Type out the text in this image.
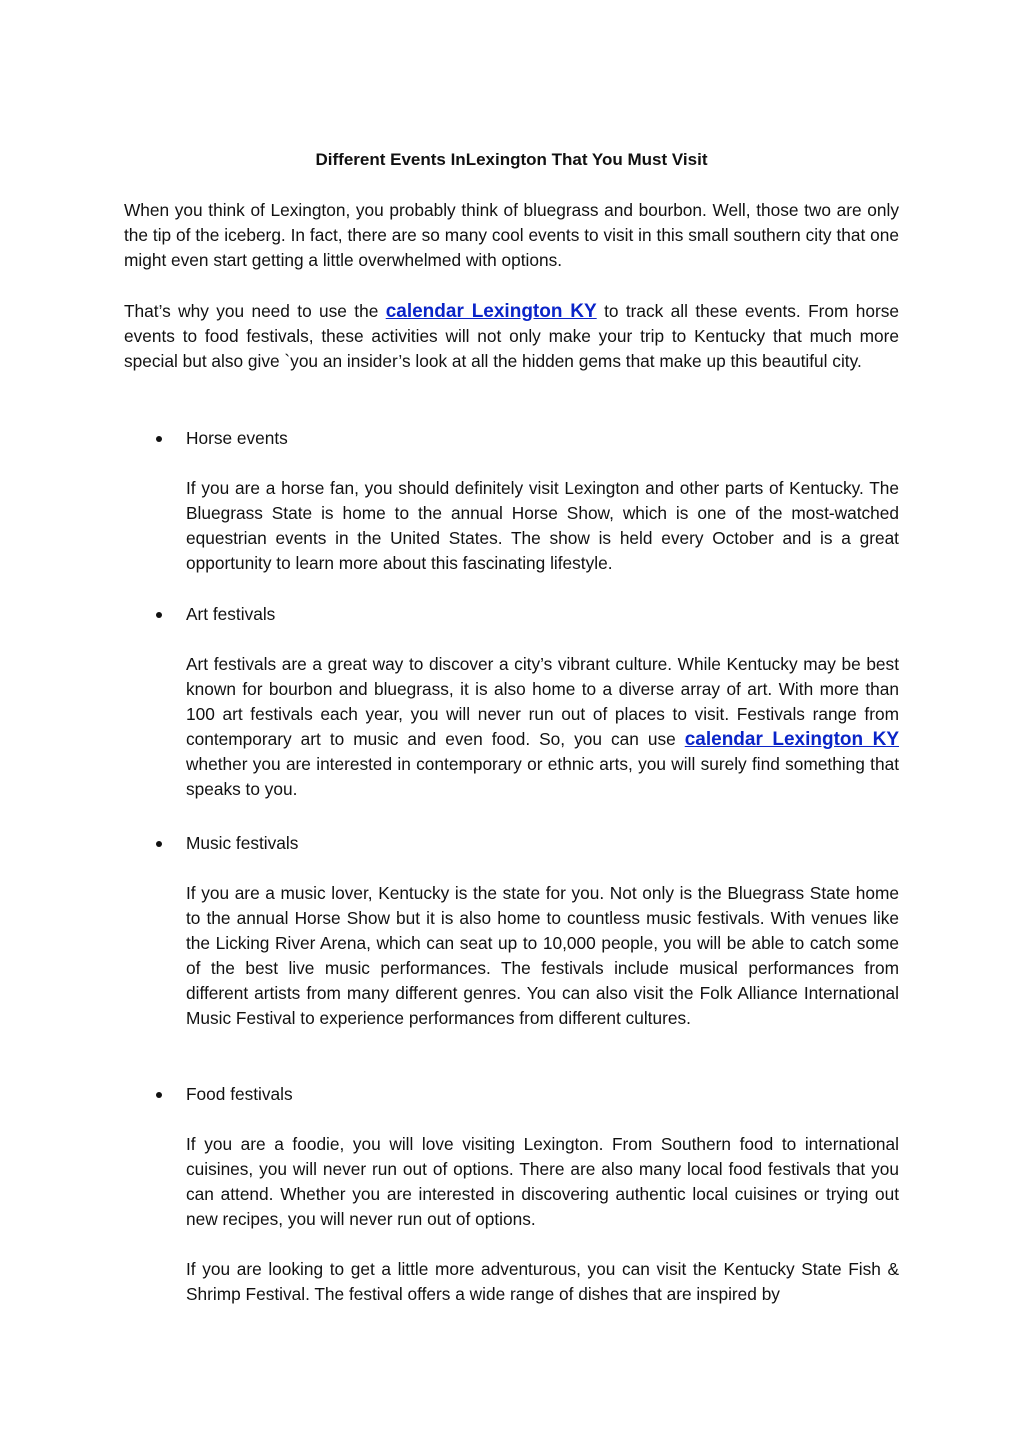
Different Events InLexington That You Must Visit

When you think of Lexington, you probably think of bluegrass and bourbon. Well, those two are only the tip of the iceberg. In fact, there are so many cool events to visit in this small southern city that one might even start getting a little overwhelmed with options.

That’s why you need to use the calendar Lexington KY to track all these events. From horse events to food festivals, these activities will not only make your trip to Kentucky that much more special but also give `you an insider’s look at all the hidden gems that make up this beautiful city.

Horse events

If you are a horse fan, you should definitely visit Lexington and other parts of Kentucky. The Bluegrass State is home to the annual Horse Show, which is one of the most-watched equestrian events in the United States. The show is held every October and is a great opportunity to learn more about this fascinating lifestyle.

Art festivals

Art festivals are a great way to discover a city’s vibrant culture. While Kentucky may be best known for bourbon and bluegrass, it is also home to a diverse array of art. With more than 100 art festivals each year, you will never run out of places to visit. Festivals range from contemporary art to music and even food. So, you can use calendar Lexington KY whether you are interested in contemporary or ethnic arts, you will surely find something that speaks to you.

Music festivals

If you are a music lover, Kentucky is the state for you. Not only is the Bluegrass State home to the annual Horse Show but it is also home to countless music festivals. With venues like the Licking River Arena, which can seat up to 10,000 people, you will be able to catch some of the best live music performances. The festivals include musical performances from different artists from many different genres. You can also visit the Folk Alliance International Music Festival to experience performances from different cultures.

Food festivals

If you are a foodie, you will love visiting Lexington. From Southern food to international cuisines, you will never run out of options. There are also many local food festivals that you can attend. Whether you are interested in discovering authentic local cuisines or trying out new recipes, you will never run out of options.

If you are looking to get a little more adventurous, you can visit the Kentucky State Fish & Shrimp Festival. The festival offers a wide range of dishes that are inspired by
